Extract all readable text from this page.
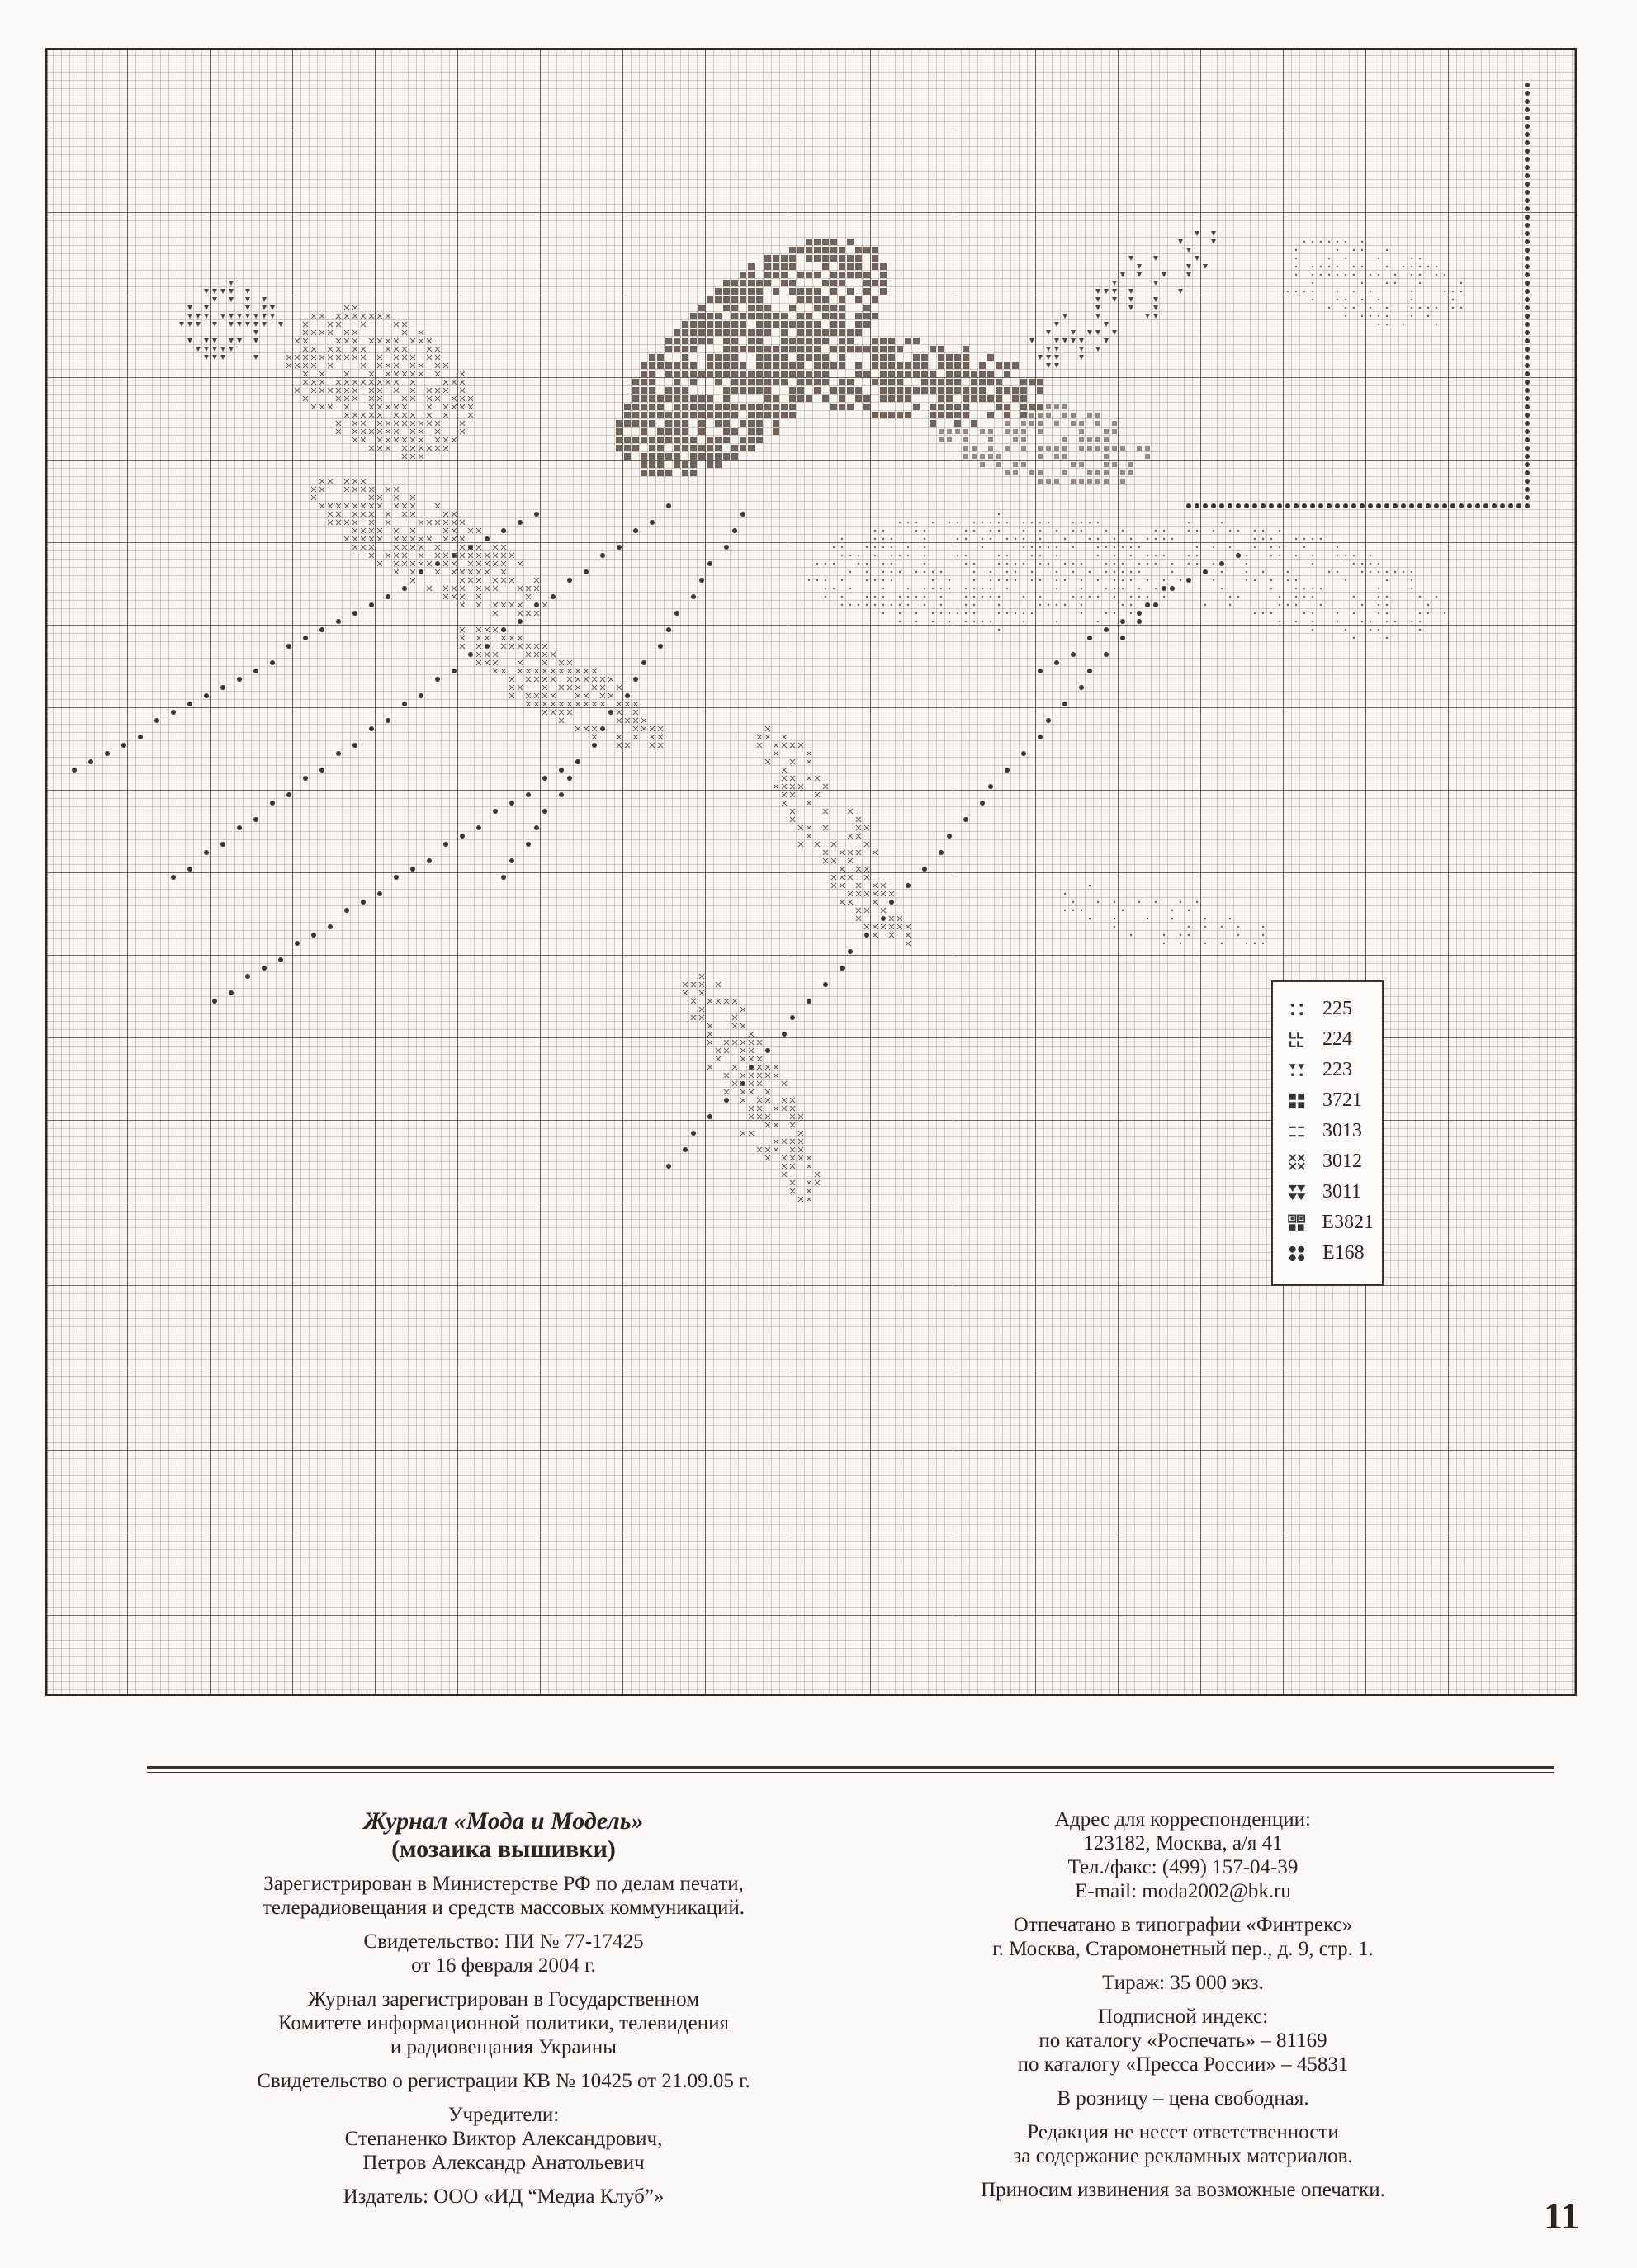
225
224
223
3721
3013
3012
3011
E3821
E168

Журнал «Мода и Модель»

(мозаика вышивки)

Зарегистрирован в Министерстве РФ по делам печати,
телерадиовещания и средств массовых коммуникаций.

Свидетельство: ПИ № 77-17425
от 16 февраля 2004 г.

Журнал зарегистрирован в Государственном
Комитете информационной политики, телевидения
и радиовещания Украины

Свидетельство о регистрации КВ № 10425 от 21.09.05 г.

Учредители:
Степаненко Виктор Александрович,
Петров Александр Анатольевич

Издатель: ООО «ИД “Медиа Клуб”»

Адрес для корреспонденции:
123182, Москва, а/я 41
Тел./факс: (499) 157-04-39
E-mail: moda2002@bk.ru

Отпечатано в типографии «Финтрекс»
г. Москва, Старомонетный пер., д. 9, стр. 1.

Тираж: 35 000 экз.

Подписной индекс:
по каталогу «Роспечать» – 81169
по каталогу «Пресса России» – 45831

В розницу – цена свободная.

Редакция не несет ответственности
за содержание рекламных материалов.

Приносим извинения за возможные опечатки.

11
